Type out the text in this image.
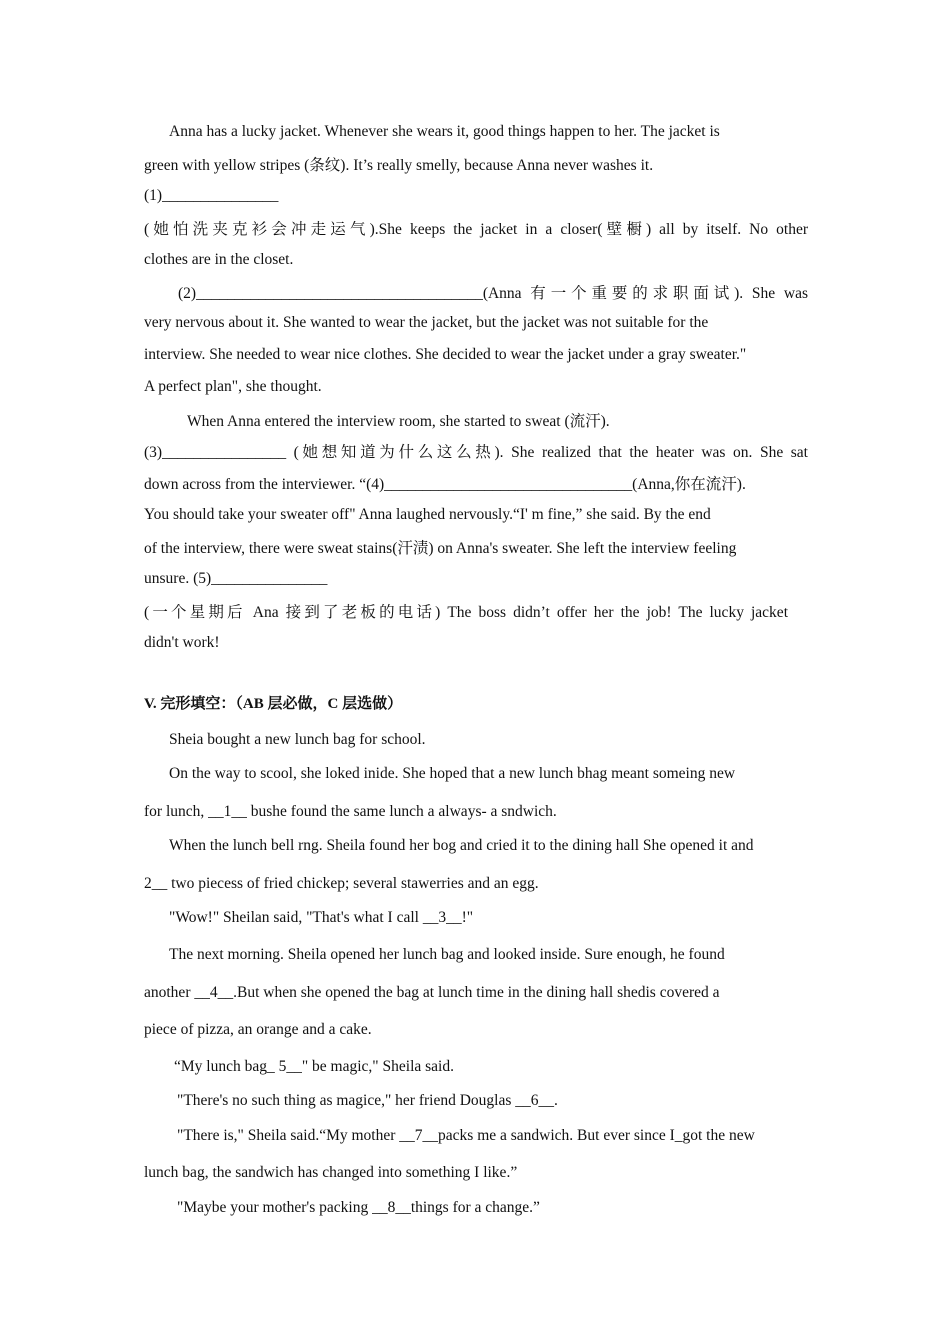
Anna has a lucky jacket. Whenever she wears it, good things happen to her. The jacket is
green with yellow stripes (条纹). It’s really smelly, because Anna never washes it.
(1)_______________
(她怕洗夹克衫会冲走运气).She keeps the jacket in a closer(壁橱) all by itself. No other
clothes are in the closet.
(2)_____________________________________(Anna 有一个重要的求职面试). She was
very nervous about it. She wanted to wear the jacket, but the jacket was not suitable for the
interview. She needed to wear nice clothes. She decided to wear the jacket under a gray sweater."
A perfect plan", she thought.
When Anna entered the interview room, she started to sweat (流汗).
(3)________________ (她想知道为什么这么热). She realized that the heater was on. She sat
down across from the interviewer. “(4)________________________________(Anna,你在流汗).
You should take your sweater off" Anna laughed nervously.“I' m fine,” she said. By the end
of the interview, there were sweat stains(汗渍) on Anna's sweater. She left the interview feeling
unsure. (5)_______________
(一个星期后 Ana 接到了老板的电话) The boss didn’t offer her the job! The lucky jacket
didn't work!
V. 完形填空：（AB 层必做，C 层选做）
Sheia bought a new lunch bag for school.
On the way to scool, she loked inide. She hoped that a new lunch bhag meant someing new
for lunch, __1__ bushe found the same lunch a always- a sndwich.
When the lunch bell rng. Sheila found her bog and cried it to the dining hall She opened it and
2__ two piecess of fried chickep; several stawerries and an egg.
"Wow!" Sheilan said, "That's what I call __3__!"
The next morning. Sheila opened her lunch bag and looked inside. Sure enough, he found
another __4__.But when she opened the bag at lunch time in the dining hall shedis covered a
piece of pizza, an orange and a cake.
“My lunch bag_ 5__" be magic," Sheila said.
"There's no such thing as magice," her friend Douglas __6__.
"There is," Sheila said.“My mother __7__packs me a sandwich. But ever since I_got the new
lunch bag, the sandwich has changed into something I like.”
"Maybe your mother's packing __8__things for a change.”
